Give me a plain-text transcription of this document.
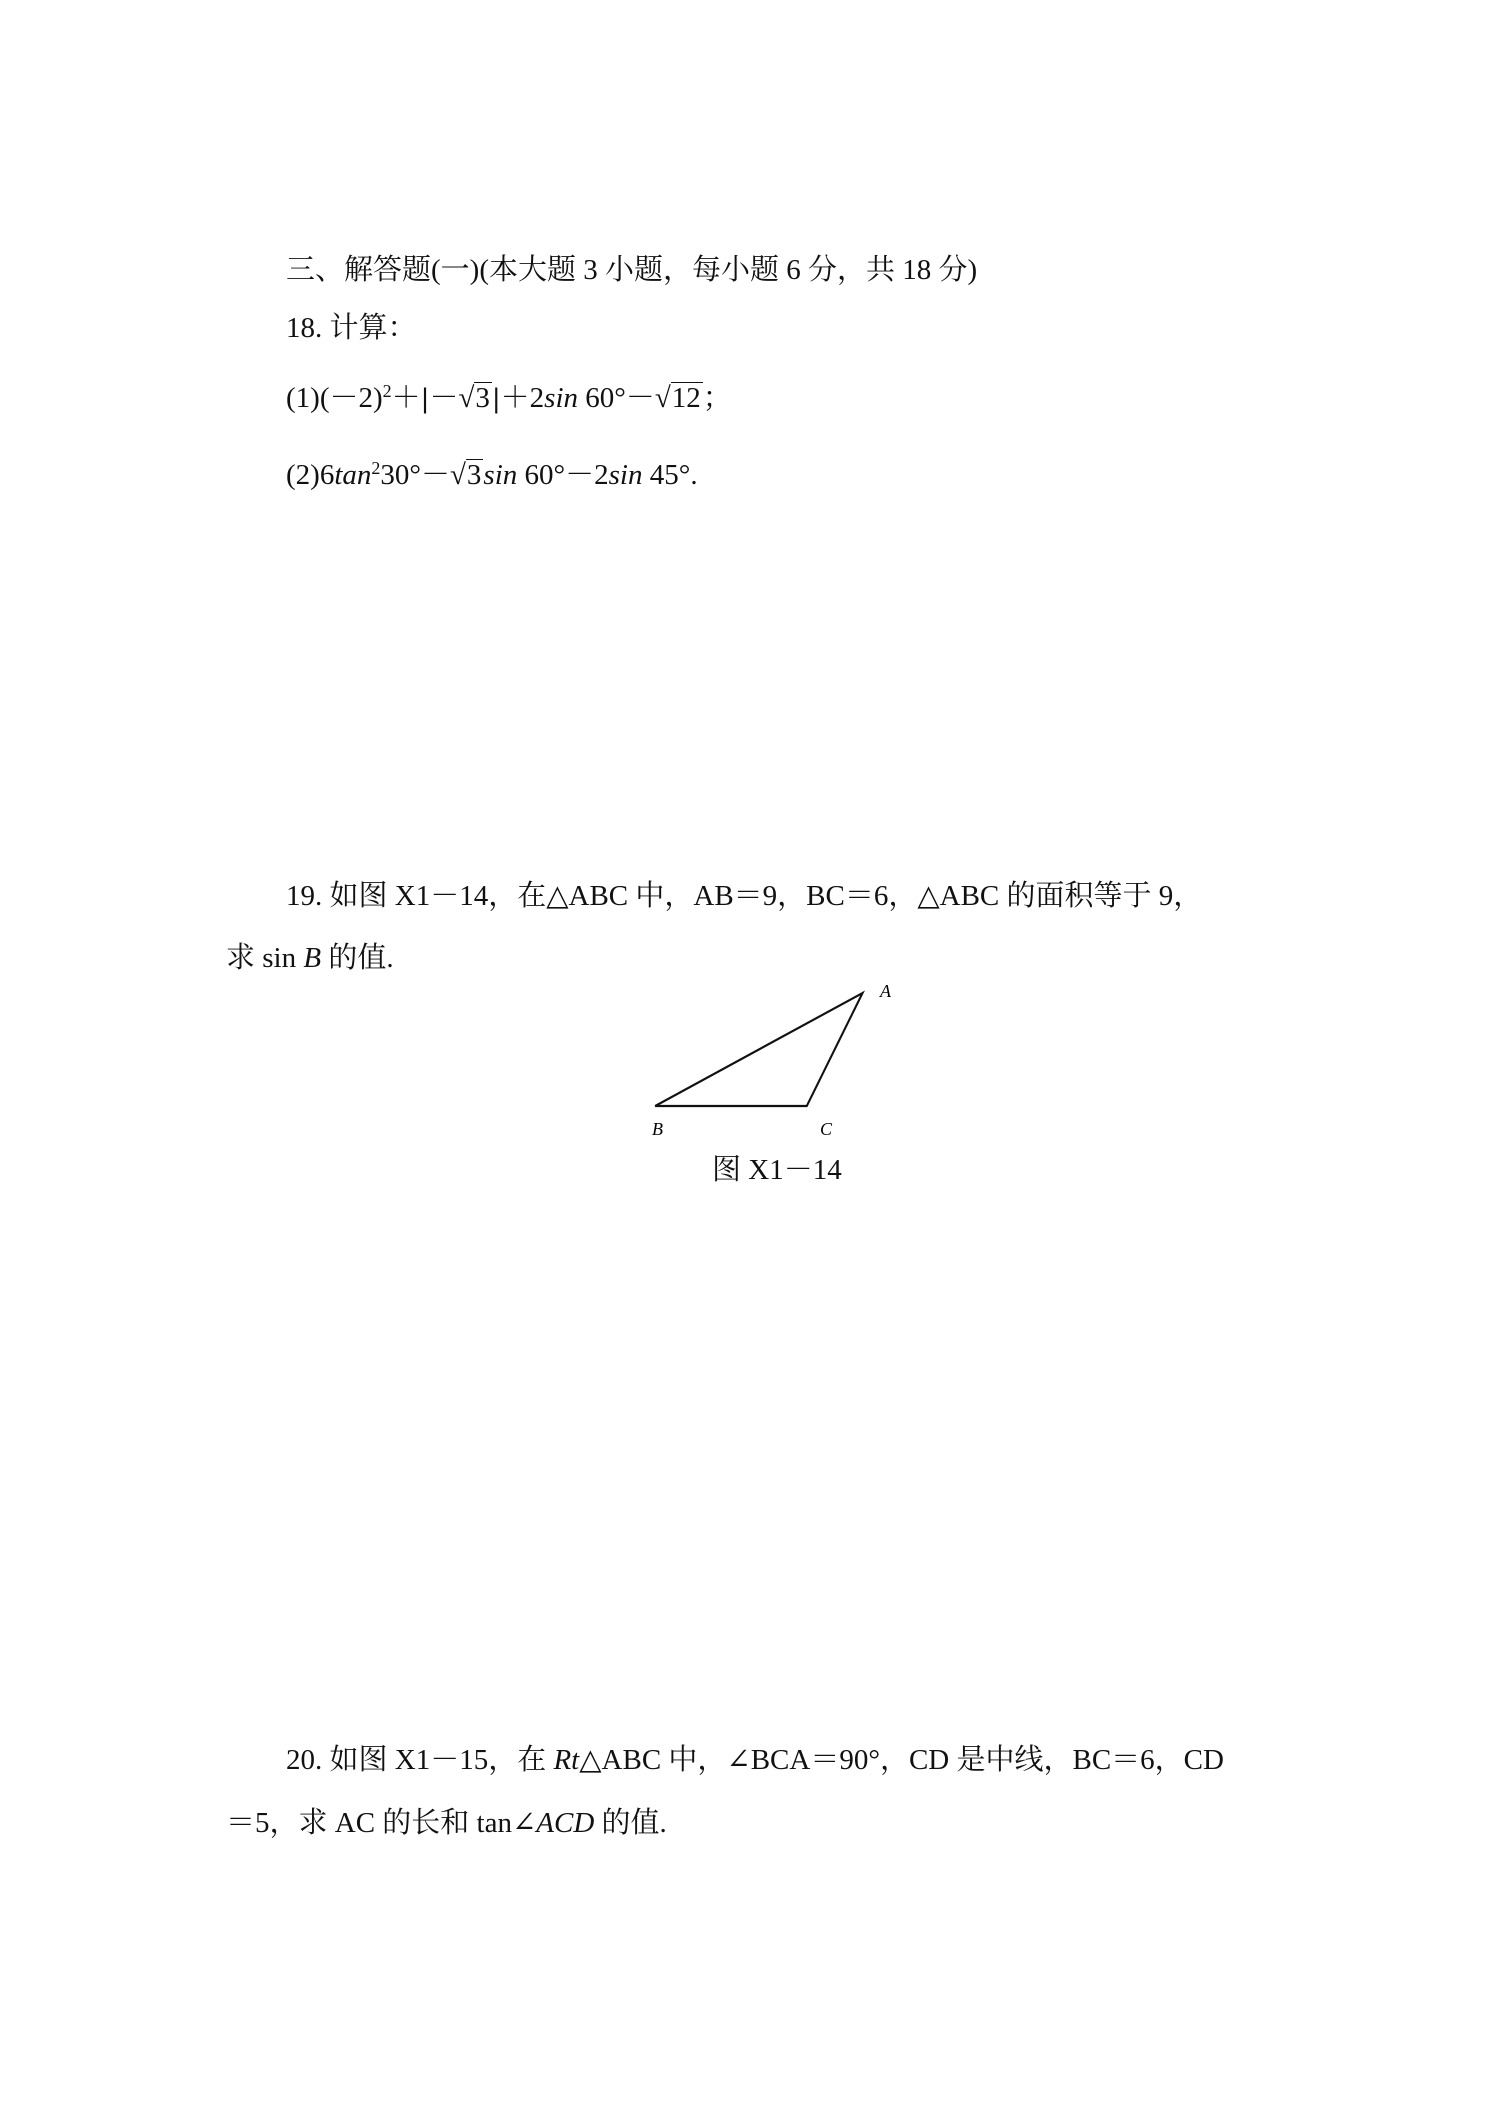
三、解答题(一)(本大题 3 小题，每小题 6 分，共 18 分)
18. 计算：
$(1)(-2)^2+|-√3|+2\sin$ 60°－√12；
$(2)6\tan^230^\circ-√3\sin$ 60°－2sin 45°.
19. 如图 X1－14，在△ABC 中，AB＝9，BC＝6，△ABC 的面积等于 9，
求 sin B 的值.
A
B	C
图 X1－14
20. 如图 X1－15，在 Rt△ABC 中，∠BCA＝90°，CD 是中线，BC＝6，CD
＝5，求 AC 的长和 tan∠ACD 的值.
